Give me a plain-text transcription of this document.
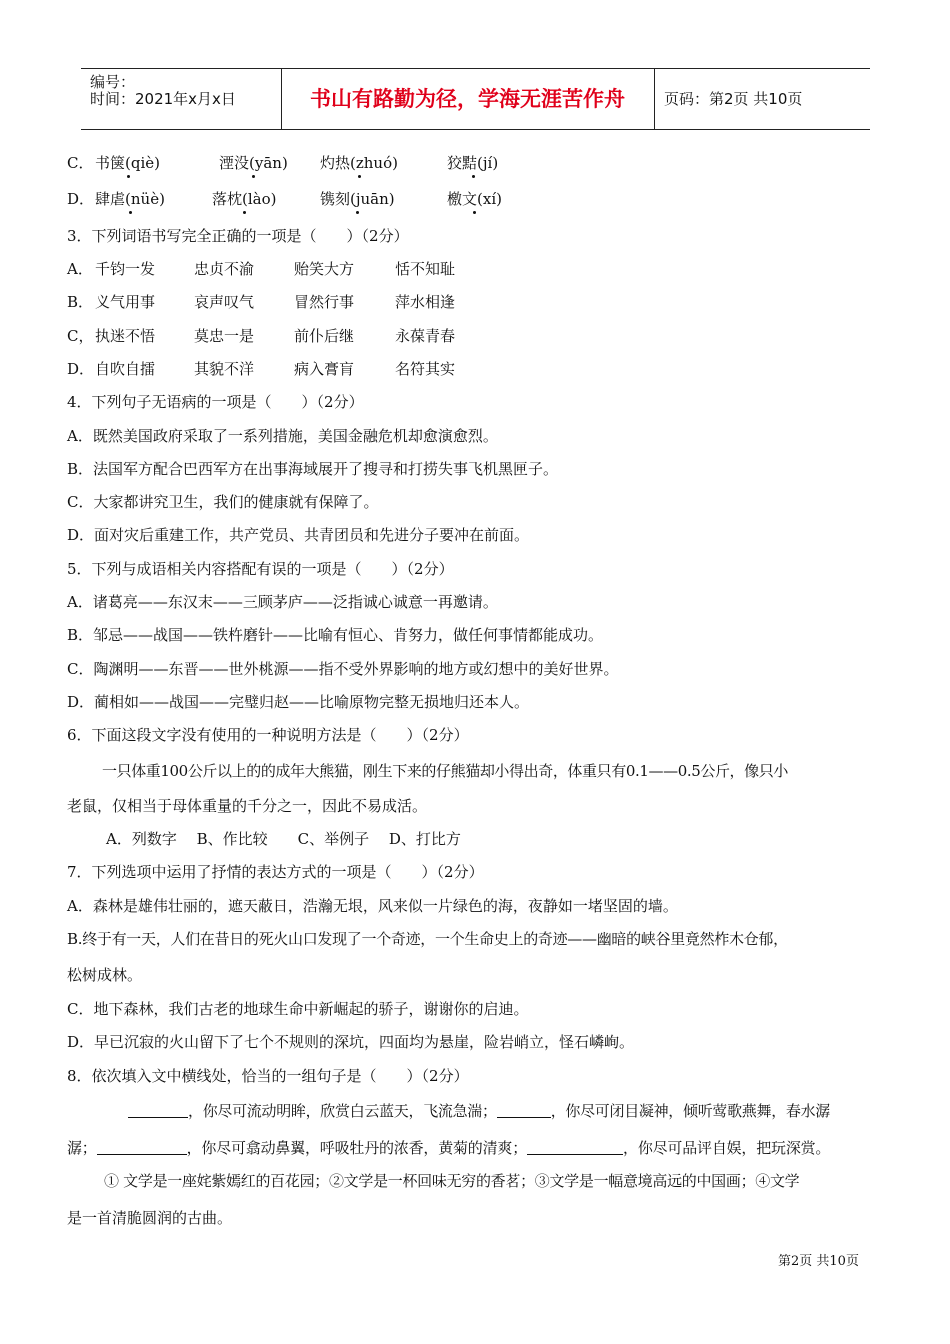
编号：
时间：2021年x月x日	书山有路勤为径，学海无涯苦作舟	页码：第2页 共10页
C． 书箧(qiè)	湮没(yān) 灼热(zhuó)	狡黠(jí)
D． 肆虐(nüè)	落枕(lào)	镌刻(juān)	檄文(xí)
3．下列词语书写完全正确的一项是（　　）（2分）
A． 千钧一发	忠贞不渝	贻笑大方	恬不知耻
B． 义气用事	哀声叹气	冒然行事	萍水相逢
C， 执迷不悟	莫忠一是	前仆后继	永葆青春
D． 自吹自擂	其貌不洋	病入膏肓	名符其实
4．下列句子无语病的一项是（　　）（2分）
A．既然美国政府采取了一系列措施，美国金融危机却愈演愈烈。
B．法国军方配合巴西军方在出事海域展开了搜寻和打捞失事飞机黑匣子。
C．大家都讲究卫生，我们的健康就有保障了。
D．面对灾后重建工作，共产党员、共青团员和先进分子要冲在前面。
5．下列与成语相关内容搭配有误的一项是（　　）（2分）
A．诸葛亮——东汉末——三顾茅庐——泛指诚心诚意一再邀请。
B．邹忌——战国——铁杵磨针——比喻有恒心、肯努力，做任何事情都能成功。
C．陶渊明——东晋——世外桃源——指不受外界影响的地方或幻想中的美好世界。
D．蔺相如——战国——完璧归赵——比喻原物完整无损地归还本人。
6．下面这段文字没有使用的一种说明方法是（　　）（2分）
一只体重100公斤以上的的成年大熊猫，刚生下来的仔熊猫却小得出奇，体重只有0.1——0.5公斤，像只小
老鼠，仅相当于母体重量的千分之一，因此不易成活。
A．列数字　 B、作比较　　C、举例子　 D、打比方
7．下列选项中运用了抒情的表达方式的一项是（　　）（2分）
A．森林是雄伟壮丽的，遮天蔽日，浩瀚无垠，风来似一片绿色的海，夜静如一堵坚固的墙。
B.终于有一天，人们在昔日的死火山口发现了一个奇迹，一个生命史上的奇迹——幽暗的峡谷里竟然柞木仓郁，
松树成林。
C．地下森林，我们古老的地球生命中新崛起的骄子，谢谢你的启迪。
D．早已沉寂的火山留下了七个不规则的深坑，四面均为悬崖，险岩峭立，怪石嶙峋。
8．依次填入文中横线处，恰当的一组句子是（　　）（2分）
，你尽可流动明眸，欣赏白云蓝天，飞流急湍；	，你尽可闭目凝神，倾听莺歌燕舞，春水潺
潺；	，你尽可翕动鼻翼，呼吸牡丹的浓香，黄菊的清爽；	，你尽可品评自娱，把玩深赏。
① 文学是一座姹紫嫣红的百花园；②文学是一杯回味无穷的香茗；③文学是一幅意境高远的中国画；④文学
是一首清脆圆润的古曲。
第2页 共10页
